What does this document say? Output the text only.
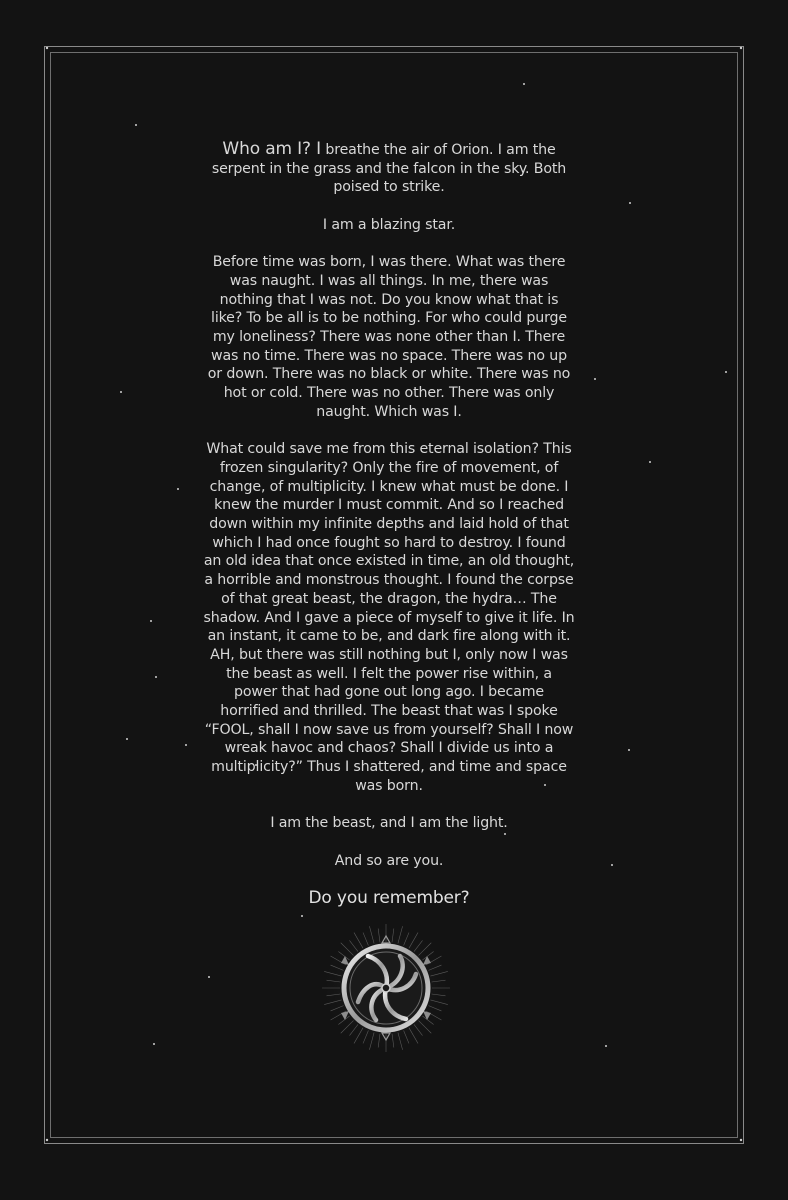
Who am I? I breathe the air of Orion. I am the serpent in the grass and the falcon in the sky. Both poised to strike.

I am a blazing star.

Before time was born, I was there. What was there was naught. I was all things. In me, there was nothing that I was not. Do you know what that is like? To be all is to be nothing. For who could purge my loneliness? There was none other than I. There was no time. There was no space. There was no up or down. There was no black or white. There was no hot or cold. There was no other. There was only naught. Which was I.

What could save me from this eternal isolation? This frozen singularity? Only the fire of movement, of change, of multiplicity. I knew what must be done. I knew the murder I must commit. And so I reached down within my infinite depths and laid hold of that which I had once fought so hard to destroy. I found an old idea that once existed in time, an old thought, a horrible and monstrous thought. I found the corpse of that great beast, the dragon, the hydra… The shadow. And I gave a piece of myself to give it life. In an instant, it came to be, and dark fire along with it. AH, but there was still nothing but I, only now I was the beast as well. I felt the power rise within, a power that had gone out long ago. I became horrified and thrilled. The beast that was I spoke “FOOL, shall I now save us from yourself? Shall I now wreak havoc and chaos? Shall I divide us into a multiplicity?” Thus I shattered, and time and space was born.

I am the beast, and I am the light.

And so are you.

Do you remember?
